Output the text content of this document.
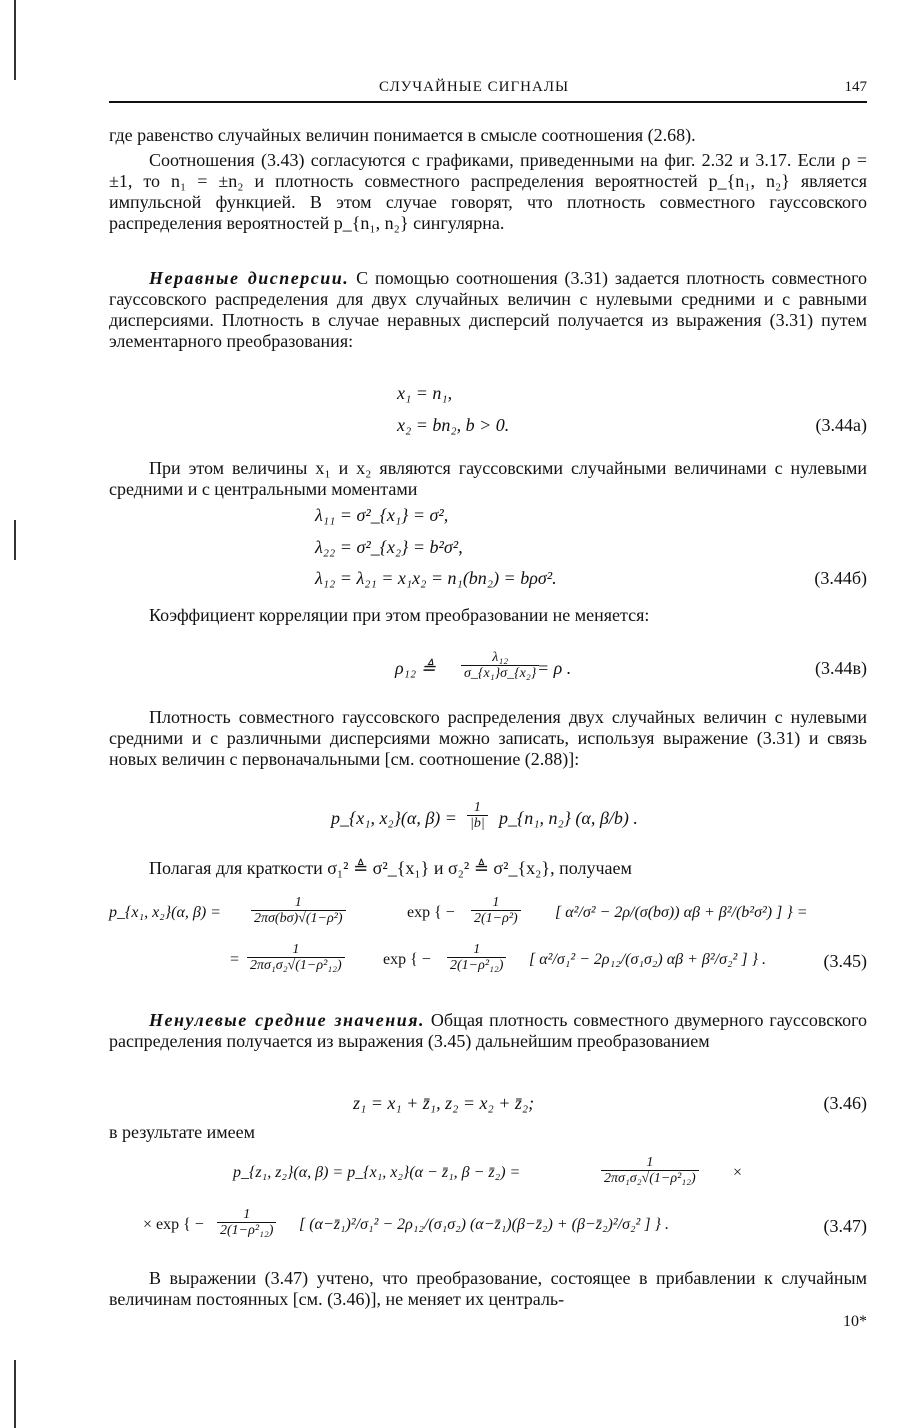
СЛУЧАЙНЫЕ СИГНАЛЫ	147

где равенство случайных величин понимается в смысле соотношения (2.68).

Соотношения (3.43) согласуются с графиками, приведенными на фиг. 2.32 и 3.17. Если ρ = ±1, то n₁ = ±n₂ и плотность совместного распределения вероятностей p_{n₁, n₂} является импульсной функцией. В этом случае говорят, что плотность совместного гауссовского распределения вероятностей p_{n₁, n₂} сингулярна.

Неравные дисперсии. С помощью соотношения (3.31) задается плотность совместного гауссовского распределения для двух случайных величин с нулевыми средними и с равными дисперсиями. Плотность в случае неравных дисперсий получается из выражения (3.31) путем элементарного преобразования:

x₁ = n₁,
x₂ = bn₂, b > 0.	(3.44а)

При этом величины x₁ и x₂ являются гауссовскими случайными величинами с нулевыми средними и с центральными моментами

λ₁₁ = σ²_{x₁} = σ²,
λ₂₂ = σ²_{x₂} = b²σ²,
λ₁₂ = λ₂₁ = x₁x₂ = n₁(bn₂) = bρσ².	(3.44б)

Коэффициент корреляции при этом преобразовании не меняется:

ρ₁₂ ≜ $\frac{\text{λ₁₂}}{\text{σ\_\{x₁\}σ\_\{x₂\}}}$
= ρ .	(3.44в)

Плотность совместного гауссовского распределения двух случайных величин с нулевыми средними и с различными дисперсиями можно записать, используя выражение (3.31) и связь новых величин с первоначальными [см. соотношение (2.88)]:

p_{x₁, x₂}(α, $\beta) = \frac{1}{|b|}$ p_{n₁, n₂} (α, β/b) .

Полагая для краткости σ₁² ≜ σ²_{x₁} и σ₂² ≜ σ²_{x₂}, получаем

p_{x₁, x₂}(α, $\beta) = \frac{1}{\text{2πσ(bσ)√(1−ρ²)}}$	exp { − $\frac{1}{\text{2(1−ρ²)}}$ [ α²/σ² − 2ρ/(σ(bσ)) αβ + β²/(b²σ²) ] } =
= $\frac{1}{\text{2πσ₁σ₂√(1−ρ²₁₂)}}$ exp { − $\frac{1}{\text{2(1−ρ²₁₂)}}$ [ α²/σ₁² − 2ρ₁₂/(σ₁σ₂) αβ + β²/σ₂² ] } .	(3.45)

Ненулевые средние значения. Общая плотность совместного двумерного гауссовского распределения получается из выражения (3.45) дальнейшим преобразованием

z₁ = x₁ + z̄₁, z₂ = x₂ + z̄₂;	(3.46)

в результате имеем

p_{z₁, z₂}(α, β) = p_{x₁, x₂}(α − z̄₁, β − z̄₂) =	$\frac{1}{\text{2πσ₁σ₂√(1−ρ²₁₂)}}$ ×
× exp { − $\frac{1}{\text{2(1−ρ²₁₂)}}$ [ (α−z̄₁)²/σ₁² − 2ρ₁₂/(σ₁σ₂) (α−z̄₁)(β−z̄₂) + (β−z̄₂)²/σ₂² ] } .	(3.47)

В выражении (3.47) учтено, что преобразование, состоящее в прибавлении к случайным величинам постоянных [см. (3.46)], не меняет их централь-

10*
